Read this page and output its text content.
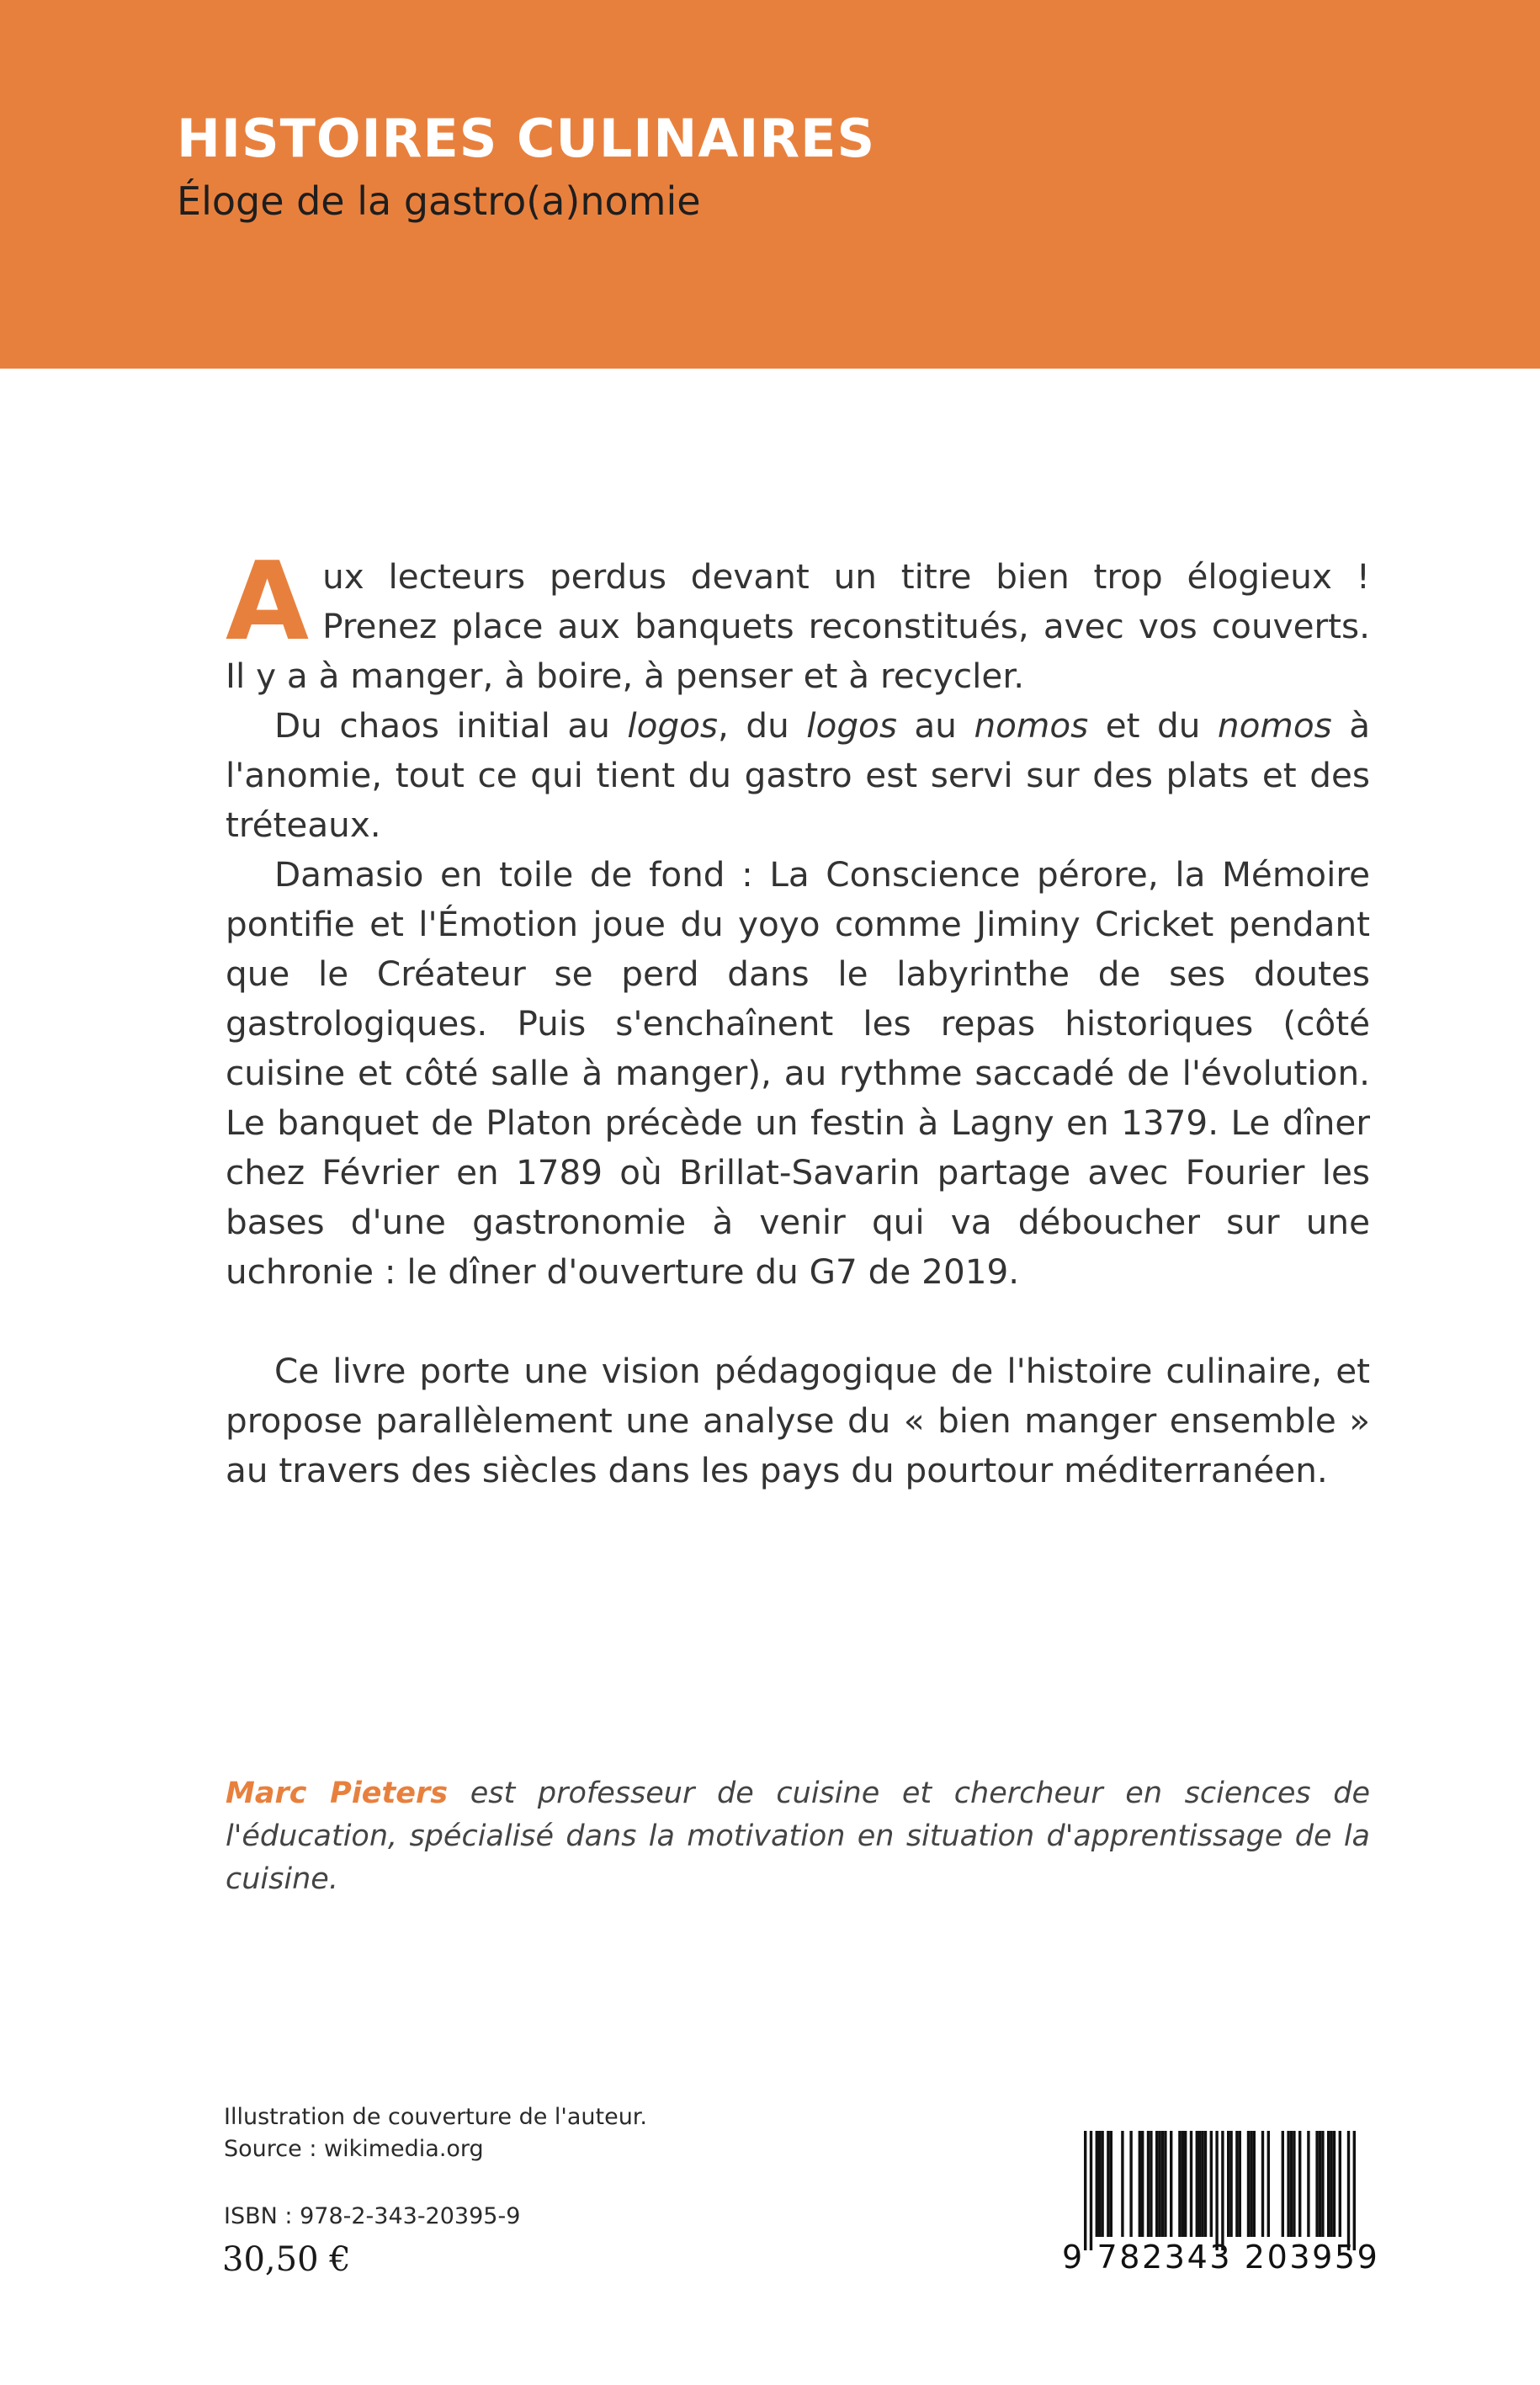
HISTOIRES CULINAIRES
Éloge de la gastro(a)nomie

Aux lecteurs perdus devant un titre bien trop élogieux ! Prenez place aux banquets reconstitués, avec vos couverts. Il y a à manger, à boire, à penser et à recycler.

Du chaos initial au logos, du logos au nomos et du nomos à l'anomie, tout ce qui tient du gastro est servi sur des plats et des tréteaux.

Damasio en toile de fond : La Conscience pérore, la Mémoire pontifie et l'Émotion joue du yoyo comme Jiminy Cricket pendant que le Créateur se perd dans le labyrinthe de ses doutes gastrologiques. Puis s'enchaînent les repas historiques (côté cuisine et côté salle à manger), au rythme saccadé de l'évolution. Le banquet de Platon précède un festin à Lagny en 1379. Le dîner chez Février en 1789 où Brillat-Savarin partage avec Fourier les bases d'une gastronomie à venir qui va déboucher sur une uchronie : le dîner d'ouverture du G7 de 2019.

Ce livre porte une vision pédagogique de l'histoire culinaire, et propose parallèlement une analyse du « bien manger ensemble » au travers des siècles dans les pays du pourtour méditerranéen.

Marc Pieters est professeur de cuisine et chercheur en sciences de l'éducation, spécialisé dans la motivation en situation d'apprentissage de la cuisine.

Illustration de couverture de l'auteur.

Source : wikimedia.org

ISBN : 978-2-343-20395-9

30,50 €	9 782343 203959
